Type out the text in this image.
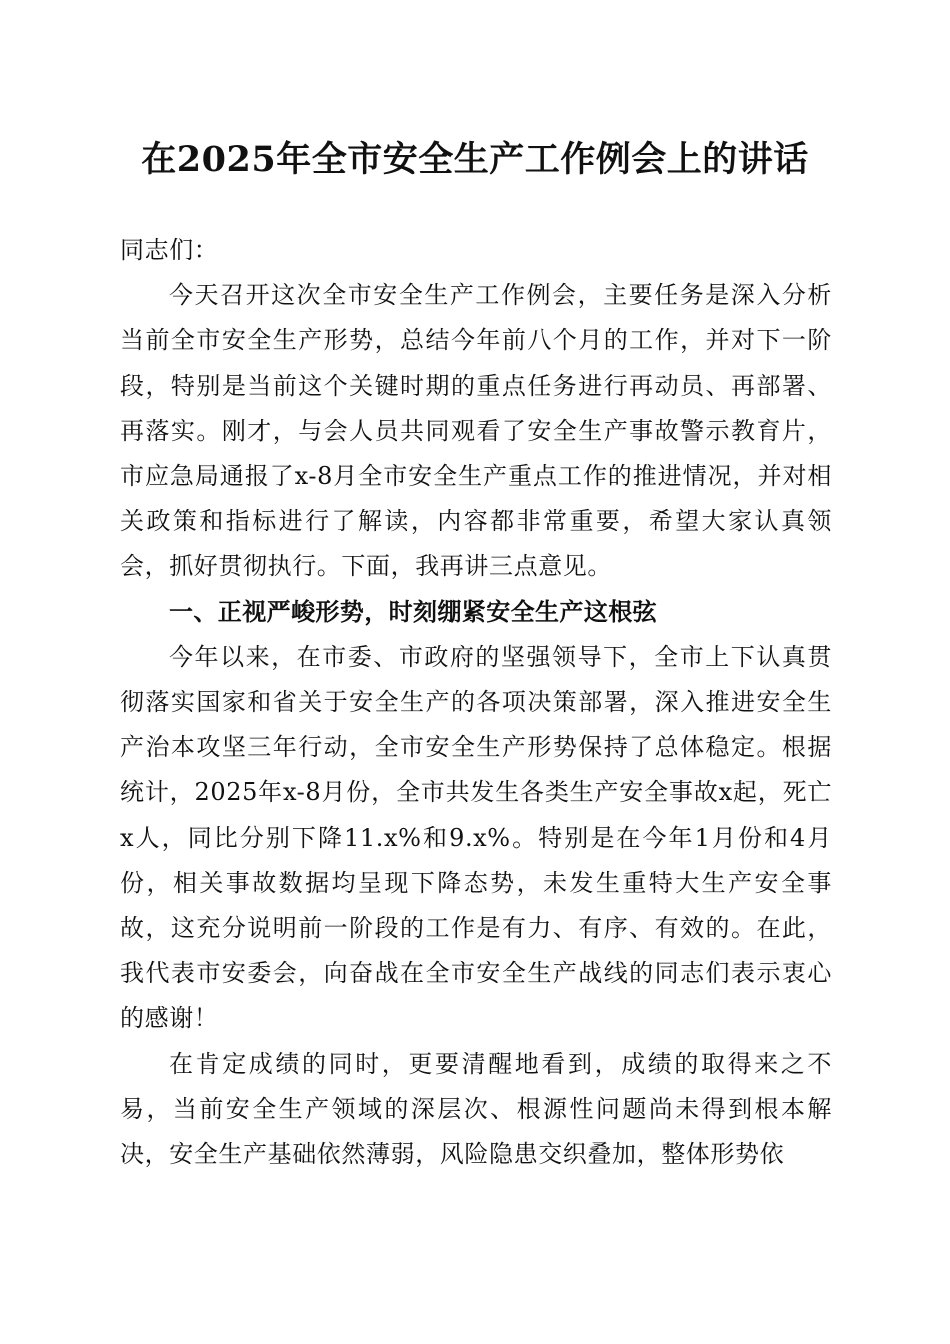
在2025年全市安全生产工作例会上的讲话

同志们：

今天召开这次全市安全生产工作例会，主要任务是深入分析当前全市安全生产形势，总结今年前八个月的工作，并对下一阶段，特别是当前这个关键时期的重点任务进行再动员、再部署、再落实。刚才，与会人员共同观看了安全生产事故警示教育片，市应急局通报了x-8月全市安全生产重点工作的推进情况，并对相关政策和指标进行了解读，内容都非常重要，希望大家认真领会，抓好贯彻执行。下面，我再讲三点意见。

一、正视严峻形势，时刻绷紧安全生产这根弦

今年以来，在市委、市政府的坚强领导下，全市上下认真贯彻落实国家和省关于安全生产的各项决策部署，深入推进安全生产治本攻坚三年行动，全市安全生产形势保持了总体稳定。根据统计，2025年x-8月份，全市共发生各类生产安全事故x起，死亡x人，同比分别下降11.x%和9.x%。特别是在今年1月份和4月份，相关事故数据均呈现下降态势，未发生重特大生产安全事故，这充分说明前一阶段的工作是有力、有序、有效的。在此，我代表市安委会，向奋战在全市安全生产战线的同志们表示衷心的感谢！

在肯定成绩的同时，更要清醒地看到，成绩的取得来之不易，当前安全生产领域的深层次、根源性问题尚未得到根本解决，安全生产基础依然薄弱，风险隐患交织叠加，整体形势依
